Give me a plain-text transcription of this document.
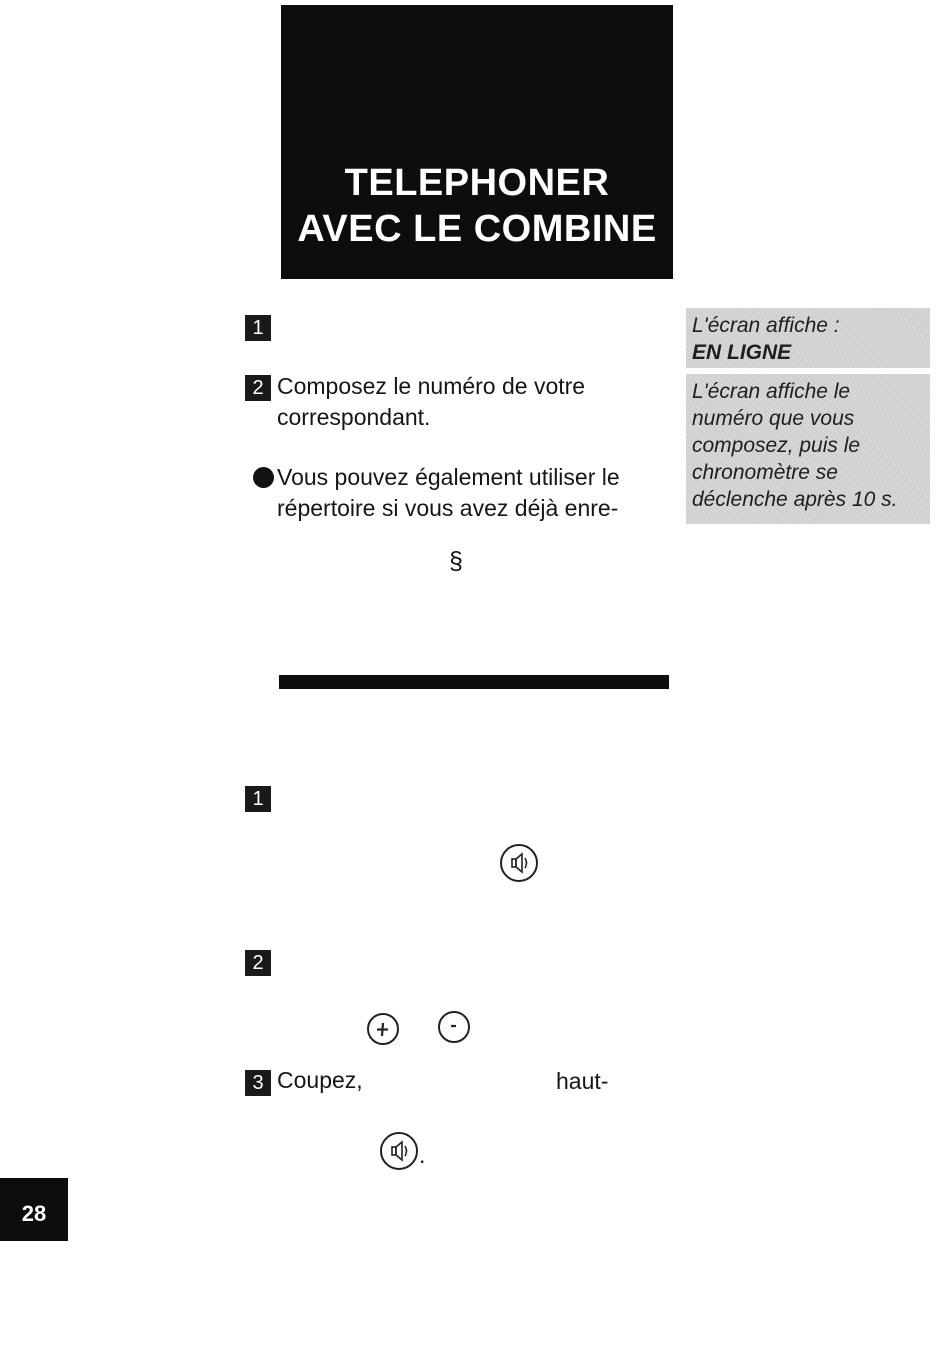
TELEPHONER
AVEC LE COMBINE
1
2 Composez le numéro de votre
correspondant.
Vous pouvez également utiliser le
répertoire si vous avez déjà enre-
§
L'écran affiche :
EN LIGNE
L'écran affiche le
numéro que vous
composez, puis le
chronomètre se
déclenche après 10 s.
1
2
3 Coupez,	haut-
.
28
